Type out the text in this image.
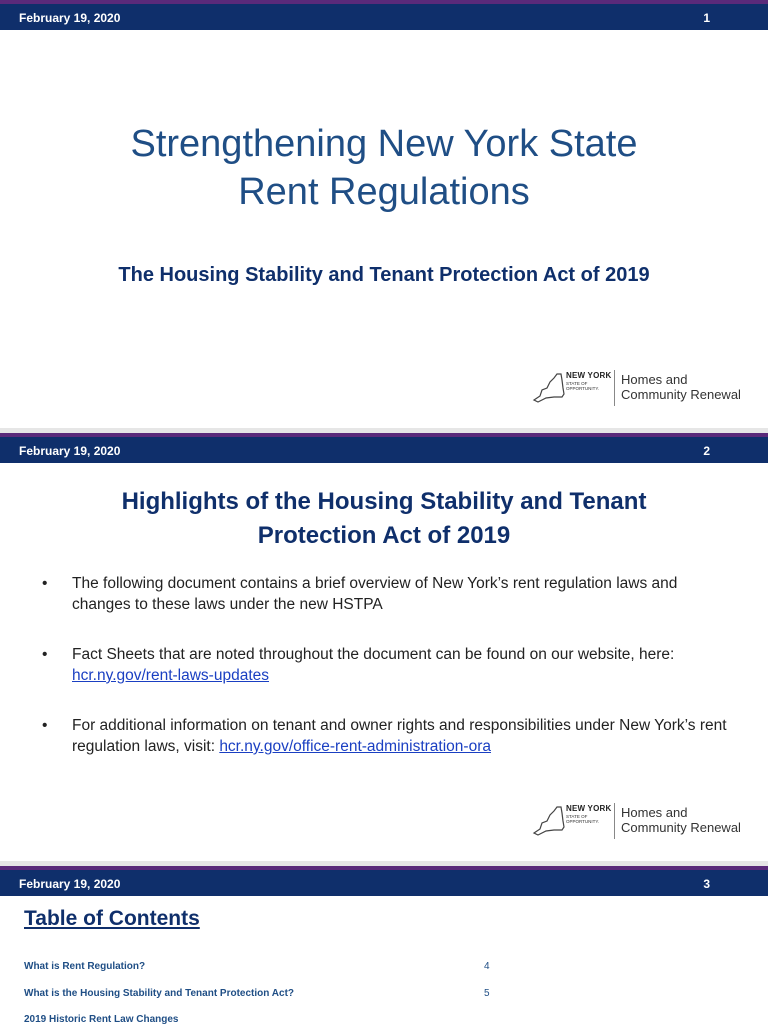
February 19, 2020	1
Strengthening New York State
Rent Regulations
The Housing Stability and Tenant Protection Act of 2019
NEW YORK
STATE OF OPPORTUNITY.
Homes and
Community Renewal
February 19, 2020	2
Highlights of the Housing Stability and Tenant
Protection Act of 2019
• The following document contains a brief overview of New York’s rent regulation laws and changes to these laws under the new HSTPA
• Fact Sheets that are noted throughout the document can be found on our website, here: hcr.ny.gov/rent-laws-updates
• For additional information on tenant and owner rights and responsibilities under New York’s rent regulation laws, visit: hcr.ny.gov/office-rent-administration-ora
NEW YORK
STATE OF OPPORTUNITY.
Homes and
Community Renewal
February 19, 2020	3
Table of Contents
What is Rent Regulation?	4
What is the Housing Stability and Tenant Protection Act?	5
2019 Historic Rent Law Changes
